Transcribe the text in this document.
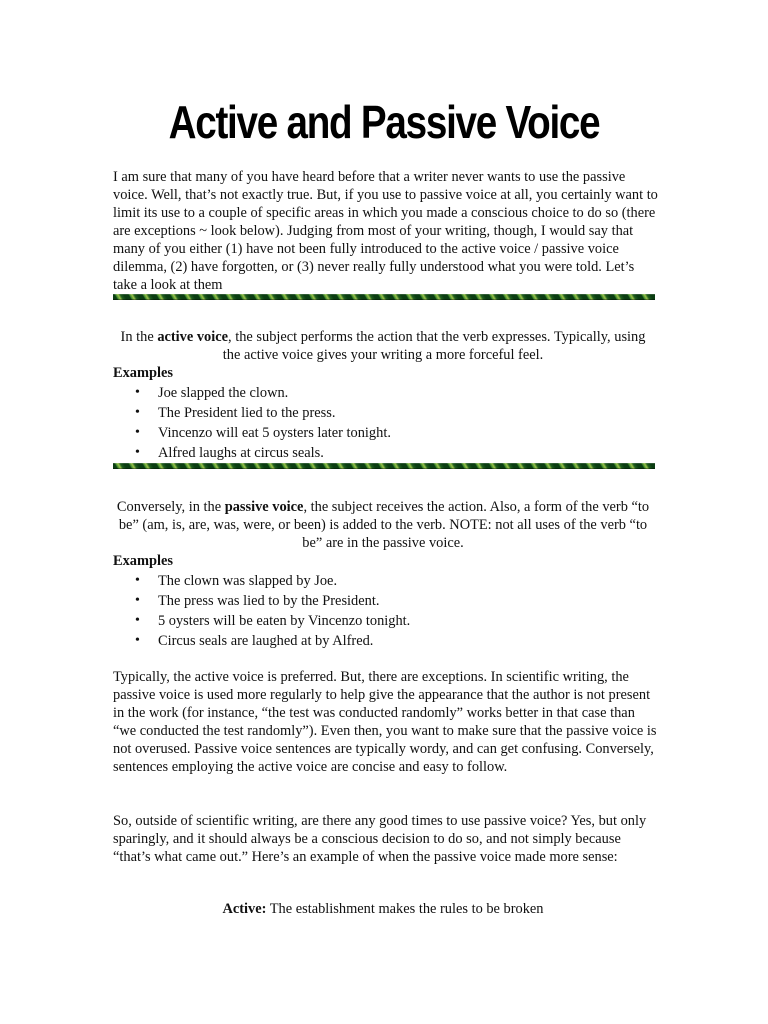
Active and Passive Voice

I am sure that many of you have heard before that a writer never wants to use the passive voice. Well, that’s not exactly true. But, if you use to passive voice at all, you certainly want to limit its use to a couple of specific areas in which you made a conscious choice to do so (there are exceptions ~ look below). Judging from most of your writing, though, I would say that many of you either (1) have not been fully introduced to the active voice / passive voice dilemma, (2) have forgotten, or (3) never really fully understood what you were told. Let’s take a look at them

In the active voice, the subject performs the action that the verb expresses. Typically, using the active voice gives your writing a more forceful feel.

Examples
•	Joe slapped the clown.
•	The President lied to the press.
•	Vincenzo will eat 5 oysters later tonight.
•	Alfred laughs at circus seals.

Conversely, in the passive voice, the subject receives the action. Also, a form of the verb “to be” (am, is, are, was, were, or been) is added to the verb. NOTE: not all uses of the verb “to be” are in the passive voice.

Examples
•	The clown was slapped by Joe.
•	The press was lied to by the President.
•	5 oysters will be eaten by Vincenzo tonight.
•	Circus seals are laughed at by Alfred.

Typically, the active voice is preferred. But, there are exceptions. In scientific writing, the passive voice is used more regularly to help give the appearance that the author is not present in the work (for instance, “the test was conducted randomly” works better in that case than “we conducted the test randomly”). Even then, you want to make sure that the passive voice is not overused. Passive voice sentences are typically wordy, and can get confusing. Conversely, sentences employing the active voice are concise and easy to follow.

So, outside of scientific writing, are there any good times to use passive voice? Yes, but only sparingly, and it should always be a conscious decision to do so, and not simply because “that’s what came out.” Here’s an example of when the passive voice made more sense:

Active: The establishment makes the rules to be broken
